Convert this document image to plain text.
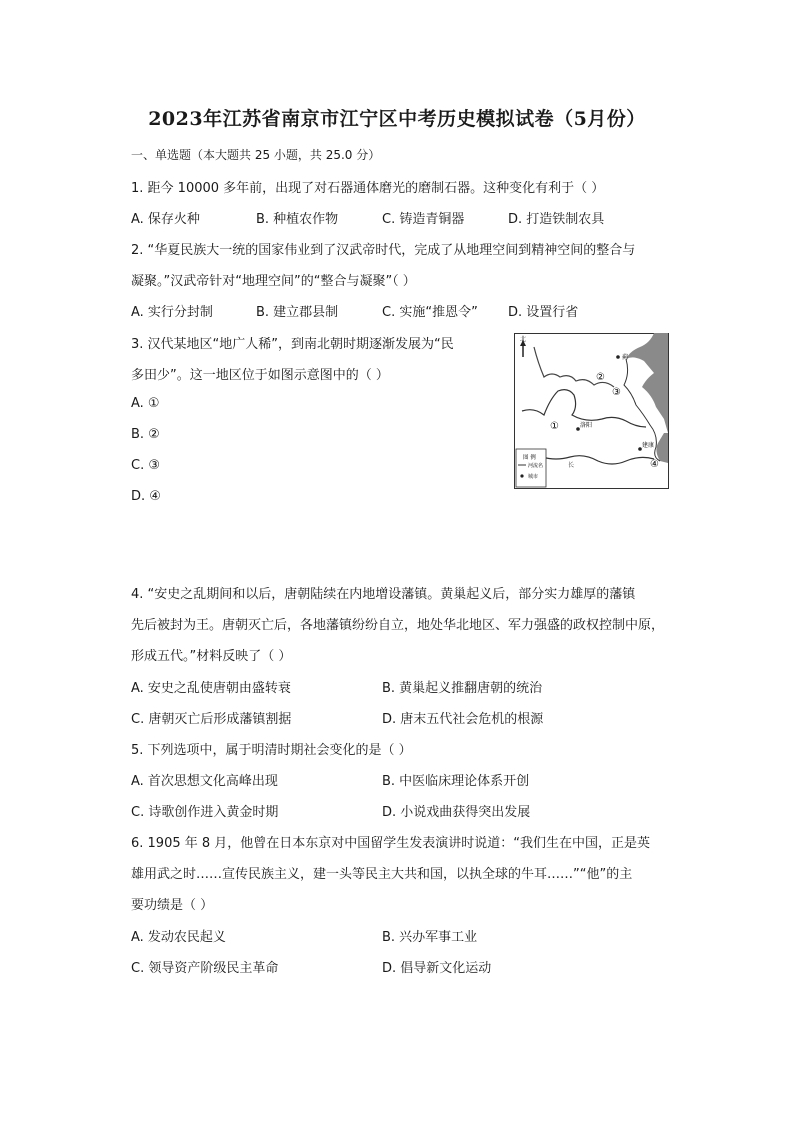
2023年江苏省南京市江宁区中考历史模拟试卷（5月份）
一、单选题（本大题共 25 小题，共 25.0 分）
1. 距今 10000 多年前，出现了对石器通体磨光的磨制石器。这种变化有利于（ ）
A. 保存火种	B. 种植农作物	C. 铸造青铜器	D. 打造铁制农具
2. “华夏民族大一统的国家伟业到了汉武帝时代，完成了从地理空间到精神空间的整合与
凝聚。”汉武帝针对“地理空间”的“整合与凝聚”（ ）
A. 实行分封制	B. 建立郡县制	C. 实施“推恩令” D. 设置行省
3. 汉代某地区“地广人稀”，到南北朝时期逐渐发展为“民
多田少”。这一地区位于如图示意图中的（ ）
A. ①
B. ②
C. ③
D. ④
北
蓟
洛阳
建康
②
①
③
④
长
图 例
河流名
城市
4. “安史之乱期间和以后，唐朝陆续在内地增设藩镇。黄巢起义后，部分实力雄厚的藩镇
先后被封为王。唐朝灭亡后，各地藩镇纷纷自立，地处华北地区、军力强盛的政权控制中原，
形成五代。”材料反映了（ ）
A. 安史之乱使唐朝由盛转衰	B. 黄巢起义推翻唐朝的统治
C. 唐朝灭亡后形成藩镇割据	D. 唐末五代社会危机的根源
5. 下列选项中，属于明清时期社会变化的是（ ）
A. 首次思想文化高峰出现	B. 中医临床理论体系开创
C. 诗歌创作进入黄金时期	D. 小说戏曲获得突出发展
6. 1905 年 8 月，他曾在日本东京对中国留学生发表演讲时说道：“我们生在中国，正是英
雄用武之时……宣传民族主义，建一头等民主大共和国，以执全球的牛耳……”“他”的主
要功绩是（ ）
A. 发动农民起义	B. 兴办军事工业
C. 领导资产阶级民主革命	D. 倡导新文化运动
